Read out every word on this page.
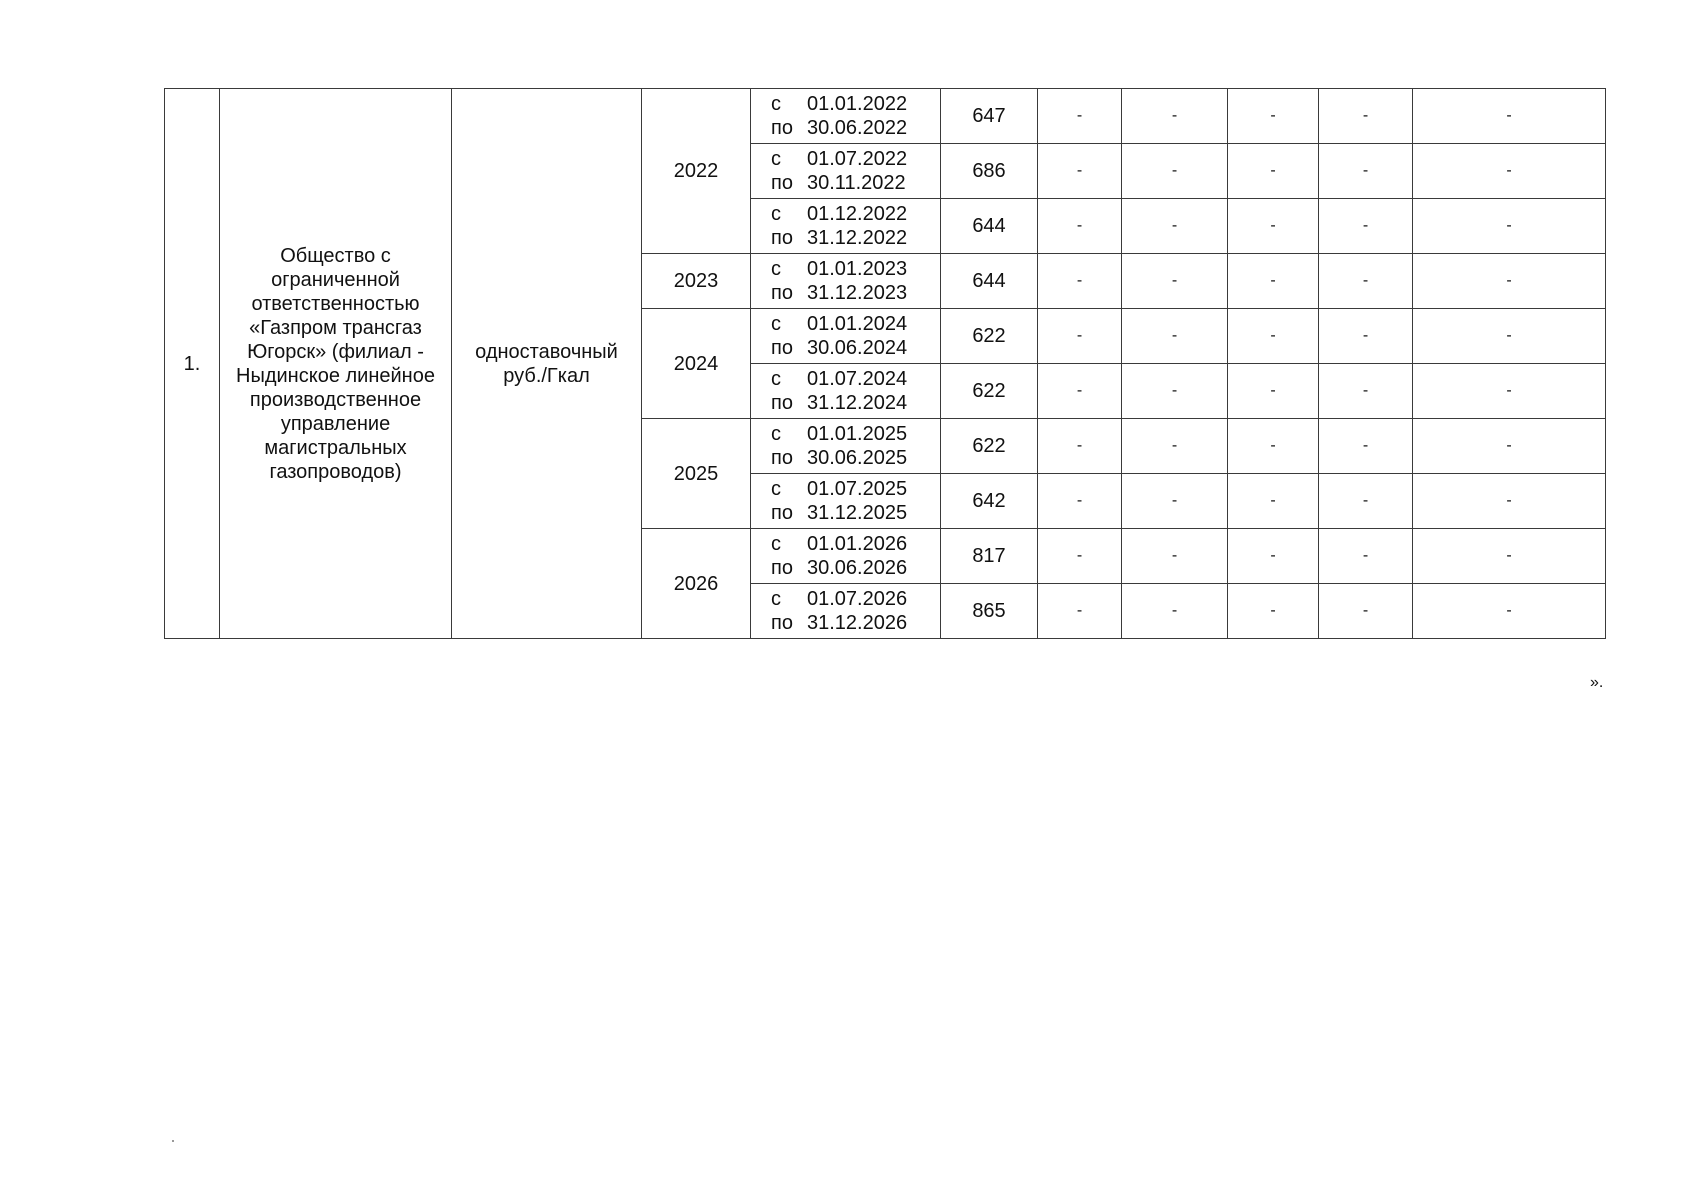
1.	Общество с ограниченной ответственностью «Газпром трансгаз Югорск» (филиал - Ныдинское линейное производственное управление магистральных газопроводов)	одноставочный руб./Гкал	2022	с 01.01.2022
по 30.06.2022	647	-	-	-	-	-

				с 01.07.2022
по 30.11.2022	686	-	-	-	-	-

				с 01.12.2022
по 31.12.2022	644	-	-	-	-	-
			2023	с 01.01.2023
по 31.12.2023	644	-	-	-	-	-
			2024	с 01.01.2024
по 30.06.2024	622	-	-	-	-	-

				с 01.07.2024
по 31.12.2024	622	-	-	-	-	-
			2025	с 01.01.2025
по 30.06.2025	622	-	-	-	-	-

				с 01.07.2025
по 31.12.2025	642	-	-	-	-	-
			2026	с 01.01.2026
по 30.06.2026	817	-	-	-	-	-

				с 01.07.2026
по 31.12.2026	865	-	-	-	-	-
».
